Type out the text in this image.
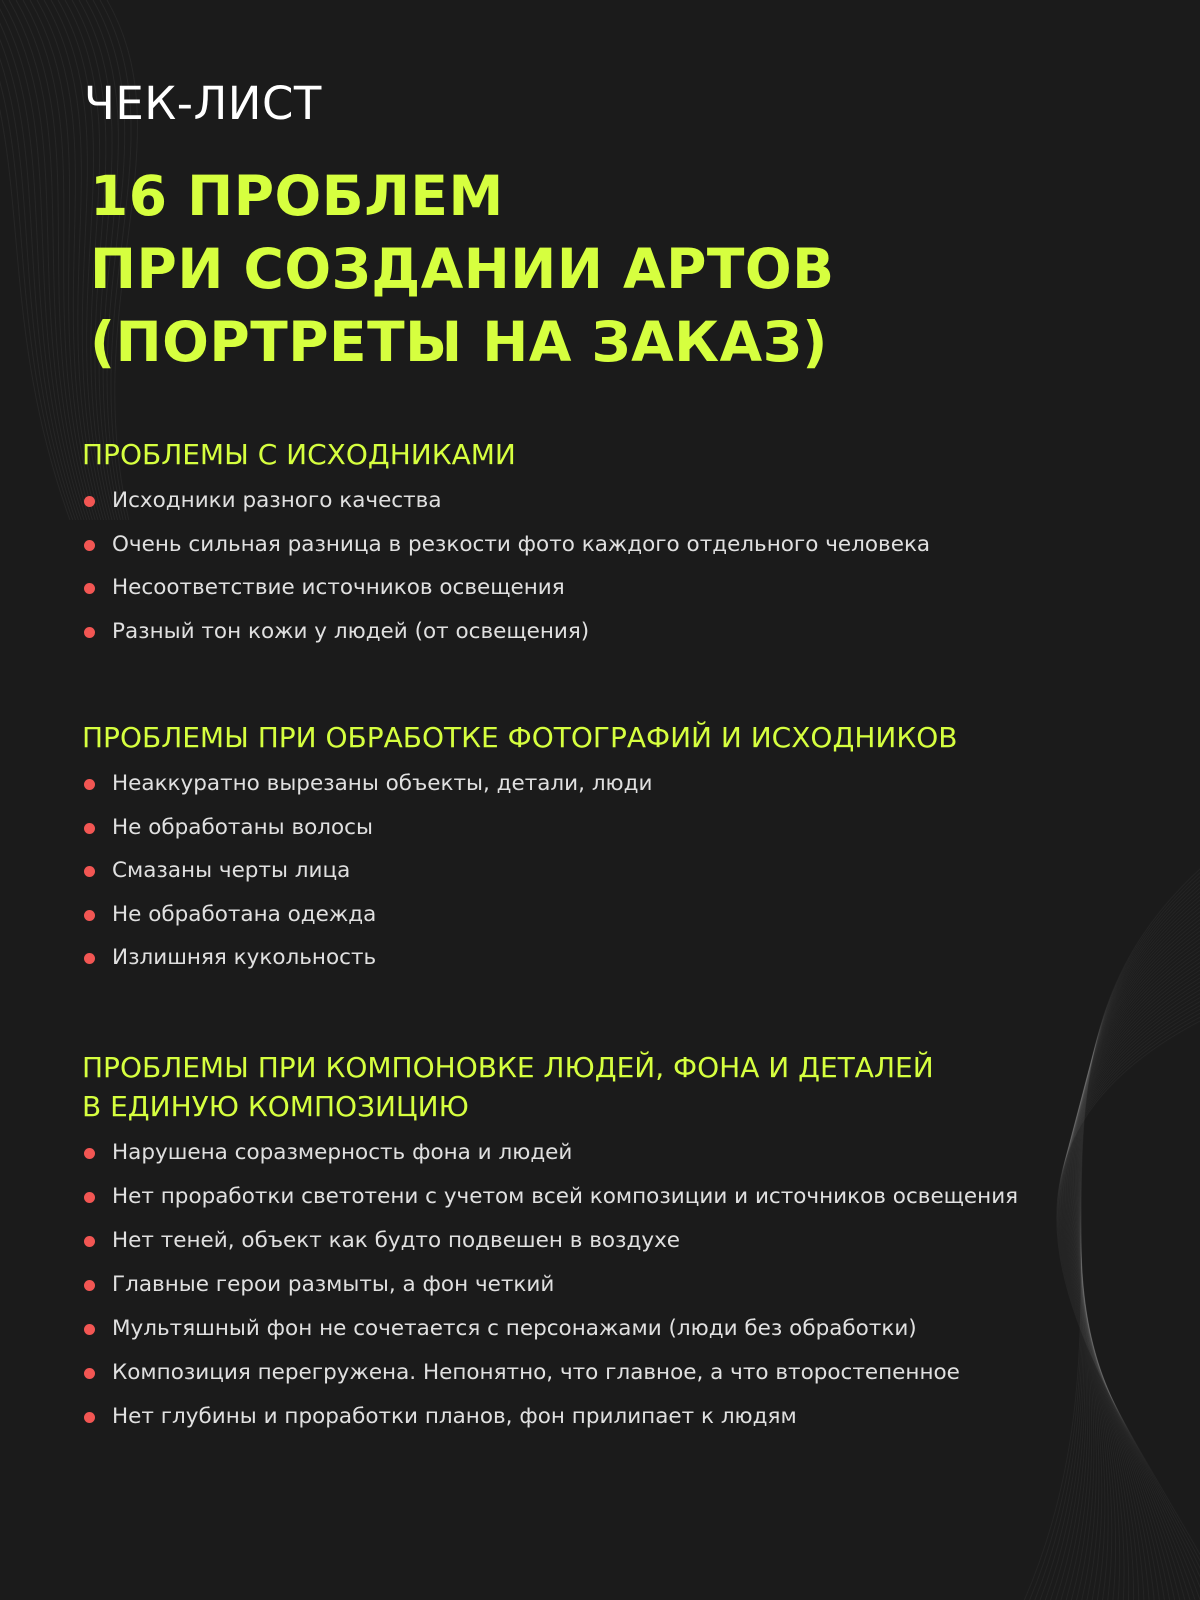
ЧЕК-ЛИСТ
16 ПРОБЛЕМ
ПРИ СОЗДАНИИ АРТОВ
(ПОРТРЕТЫ НА ЗАКАЗ)
ПРОБЛЕМЫ С ИСХОДНИКАМИ
Исходники разного качества
Очень сильная разница в резкости фото каждого отдельного человека
Несоответствие источников освещения
Разный тон кожи у людей (от освещения)
ПРОБЛЕМЫ ПРИ ОБРАБОТКЕ ФОТОГРАФИЙ И ИСХОДНИКОВ
Неаккуратно вырезаны объекты, детали, люди
Не обработаны волосы
Смазаны черты лица
Не обработана одежда
Излишняя кукольность
ПРОБЛЕМЫ ПРИ КОМПОНОВКЕ ЛЮДЕЙ, ФОНА И ДЕТАЛЕЙ
В ЕДИНУЮ КОМПОЗИЦИЮ
Нарушена соразмерность фона и людей
Нет проработки светотени с учетом всей композиции и источников освещения
Нет теней, объект как будто подвешен в воздухе
Главные герои размыты, а фон четкий
Мультяшный фон не сочетается с персонажами (люди без обработки)
Композиция перегружена. Непонятно, что главное, а что второстепенное
Нет глубины и проработки планов, фон прилипает к людям
